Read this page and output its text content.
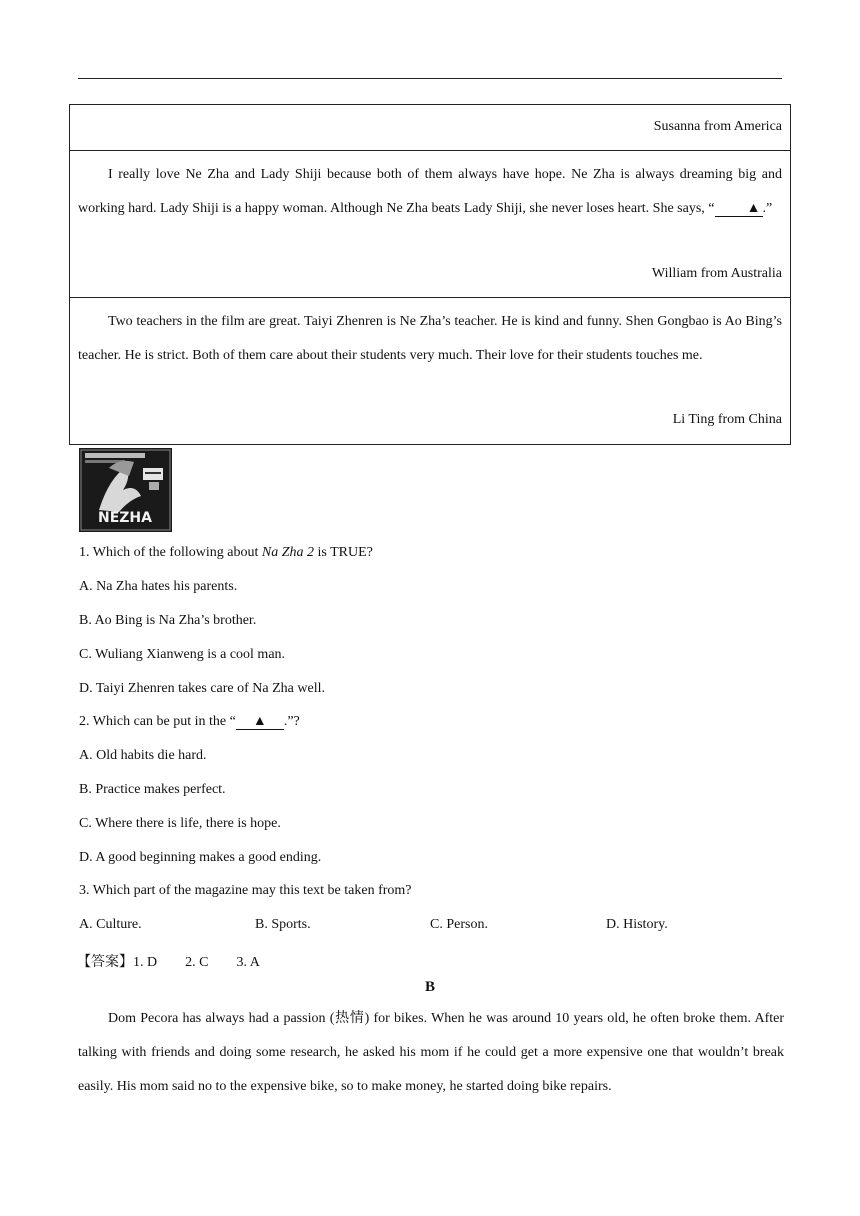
Susanna from America

I really love Ne Zha and Lady Shiji because both of them always have hope. Ne Zha is always dreaming big and working hard. Lady Shiji is a happy woman. Although Ne Zha beats Lady Shiji, she never loses heart. She says, “ ▲ .”

William from Australia

Two teachers in the film are great. Taiyi Zhenren is Ne Zha’s teacher. He is kind and funny. Shen Gongbao is Ao Bing’s teacher. He is strict. Both of them care about their students very much. Their love for their students touches me.

Li Ting from China
NEZHA
1. Which of the following about Na Zha 2 is TRUE?
A. Na Zha hates his parents.
B. Ao Bing is Na Zha’s brother.
C. Wuliang Xianweng is a cool man.
D. Taiyi Zhenren takes care of Na Zha well.
2. Which can be put in the “ ▲ .”?
A. Old habits die hard.
B. Practice makes perfect.
C. Where there is life, there is hope.
D. A good beginning makes a good ending.
3. Which part of the magazine may this text be taken from?
A. Culture.	B. Sports.	C. Person.	D. History.
【答案】1. D 2. C 3. A
B

Dom Pecora has always had a passion (热情) for bikes. When he was around 10 years old, he often broke them. After talking with friends and doing some research, he asked his mom if he could get a more expensive one that wouldn’t break easily. His mom said no to the expensive bike, so to make money, he started doing bike repairs.
